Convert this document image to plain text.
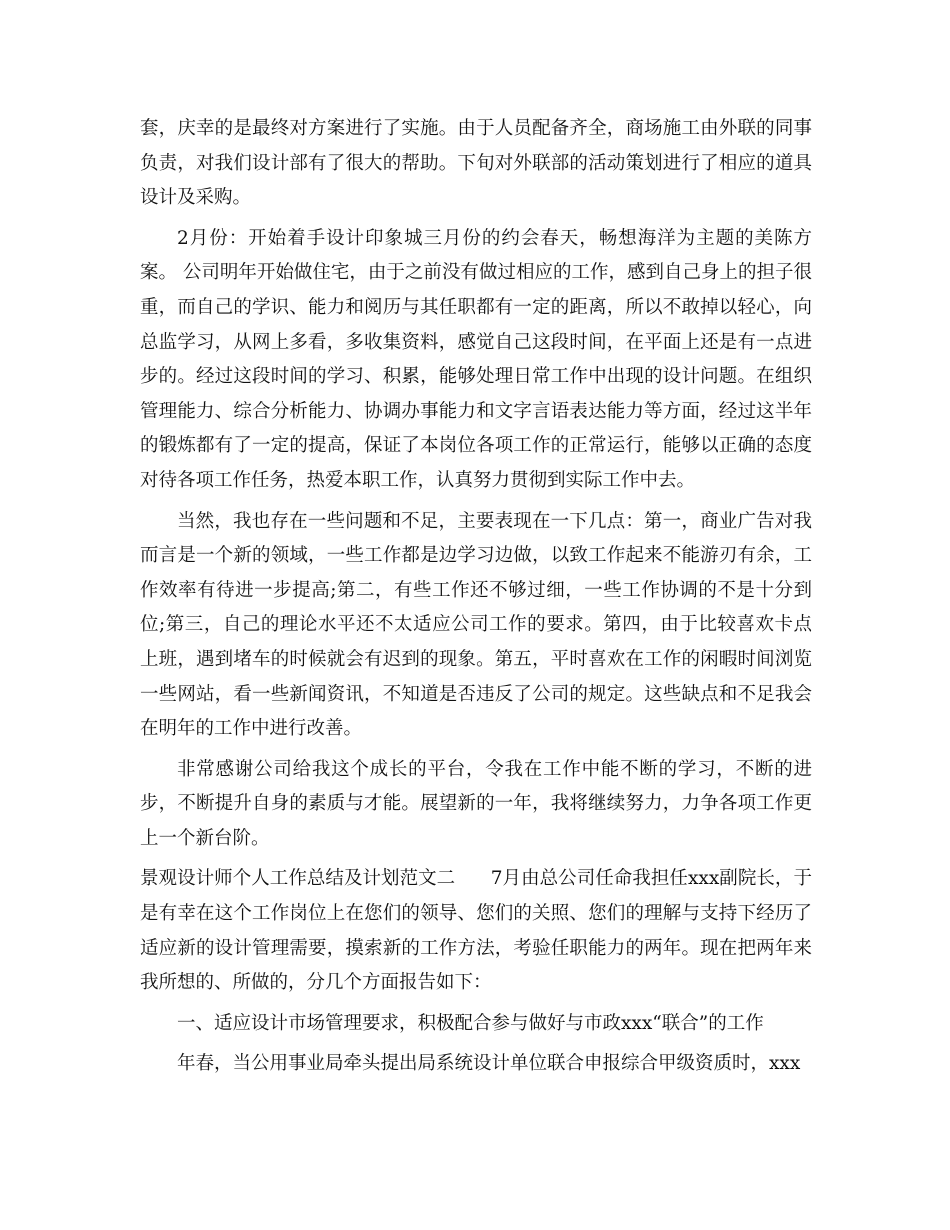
套，庆幸的是最终对方案进行了实施。由于人员配备齐全，商场施工由外联的同事负责，对我们设计部有了很大的帮助。下旬对外联部的活动策划进行了相应的道具设计及采购。

2月份：开始着手设计印象城三月份的约会春天，畅想海洋为主题的美陈方案。 公司明年开始做住宅，由于之前没有做过相应的工作，感到自己身上的担子很重，而自己的学识、能力和阅历与其任职都有一定的距离，所以不敢掉以轻心，向总监学习，从网上多看，多收集资料，感觉自己这段时间，在平面上还是有一点进步的。经过这段时间的学习、积累，能够处理日常工作中出现的设计问题。在组织管理能力、综合分析能力、协调办事能力和文字言语表达能力等方面，经过这半年的锻炼都有了一定的提高，保证了本岗位各项工作的正常运行，能够以正确的态度对待各项工作任务，热爱本职工作，认真努力贯彻到实际工作中去。

当然，我也存在一些问题和不足，主要表现在一下几点：第一，商业广告对我而言是一个新的领域，一些工作都是边学习边做，以致工作起来不能游刃有余，工作效率有待进一步提高;第二，有些工作还不够过细，一些工作协调的不是十分到位;第三，自己的理论水平还不太适应公司工作的要求。第四，由于比较喜欢卡点上班，遇到堵车的时候就会有迟到的现象。第五，平时喜欢在工作的闲暇时间浏览一些网站，看一些新闻资讯，不知道是否违反了公司的规定。这些缺点和不足我会在明年的工作中进行改善。

非常感谢公司给我这个成长的平台，令我在工作中能不断的学习，不断的进步，不断提升自身的素质与才能。展望新的一年，我将继续努力，力争各项工作更上一个新台阶。

景观设计师个人工作总结及计划范文二 7月由总公司任命我担任xxx副院长，于是有幸在这个工作岗位上在您们的领导、您们的关照、您们的理解与支持下经历了适应新的设计管理需要，摸索新的工作方法，考验任职能力的两年。现在把两年来我所想的、所做的，分几个方面报告如下：

一、适应设计市场管理要求，积极配合参与做好与市政xxx“联合”的工作

年春，当公用事业局牵头提出局系统设计单位联合申报综合甲级资质时，xxx
